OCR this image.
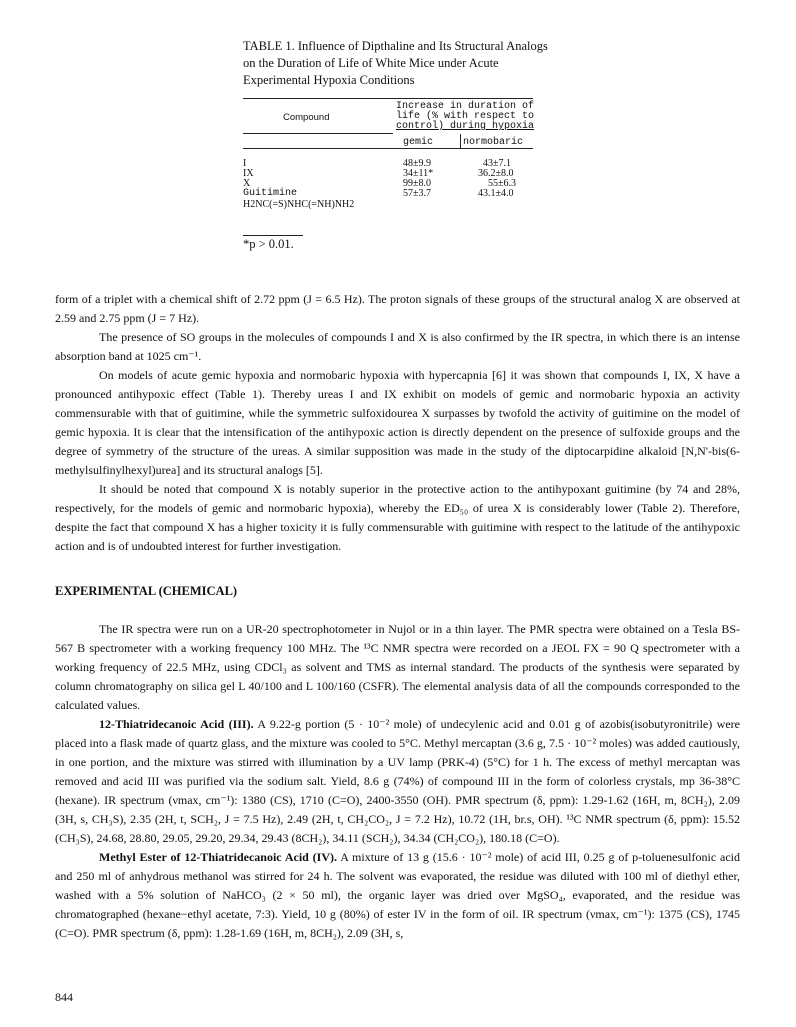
TABLE 1. Influence of Dipthaline and Its Structural Analogs on the Duration of Life of White Mice under Acute Experimental Hypoxia Conditions
Compound
Increase in duration of
life (% with respect to
control) during hypoxia
gemic	normobaric
I	48±9.9	43±7.1
IX	34±11*	36.2±8.0
X	99±8.0	55±6.3
Guitimine	57±3.7	43.1±4.0
H2NC(=S)NHC(=NH)NH2
*p > 0.01.

form of a triplet with a chemical shift of 2.72 ppm (J = 6.5 Hz). The proton signals of these groups of the structural analog X are observed at 2.59 and 2.75 ppm (J = 7 Hz).

The presence of SO groups in the molecules of compounds I and X is also confirmed by the IR spectra, in which there is an intense absorption band at 1025 cm⁻¹.

On models of acute gemic hypoxia and normobaric hypoxia with hypercapnia [6] it was shown that compounds I, IX, X have a pronounced antihypoxic effect (Table 1). Thereby ureas I and IX exhibit on models of gemic and normobaric hypoxia an activity commensurable with that of guitimine, while the symmetric sulfoxidourea X surpasses by twofold the activity of guitimine on the model of gemic hypoxia. It is clear that the intensification of the antihypoxic action is directly dependent on the presence of sulfoxide groups and the degree of symmetry of the structure of the ureas. A similar supposition was made in the study of the diptocarpidine alkaloid [N,N'-bis(6-methylsulfinylhexyl)urea] and its structural analogs [5].

It should be noted that compound X is notably superior in the protective action to the antihypoxant guitimine (by 74 and 28%, respectively, for the models of gemic and normobaric hypoxia), whereby the ED₅₀ of urea X is considerably lower (Table 2). Therefore, despite the fact that compound X has a higher toxicity it is fully commensurable with guitimine with respect to the latitude of the antihypoxic action and is of undoubted interest for further investigation.

EXPERIMENTAL (CHEMICAL)

The IR spectra were run on a UR-20 spectrophotometer in Nujol or in a thin layer. The PMR spectra were obtained on a Tesla BS-567 B spectrometer with a working frequency 100 MHz. The ¹³C NMR spectra were recorded on a JEOL FX = 90 Q spectrometer with a working frequency of 22.5 MHz, using CDCl₃ as solvent and TMS as internal standard. The products of the synthesis were separated by column chromatography on silica gel L 40/100 and L 100/160 (CSFR). The elemental analysis data of all the compounds corresponded to the calculated values.

12-Thiatridecanoic Acid (III). A 9.22-g portion (5 · 10⁻² mole) of undecylenic acid and 0.01 g of azobis(isobutyronitrile) were placed into a flask made of quartz glass, and the mixture was cooled to 5°C. Methyl mercaptan (3.6 g, 7.5 · 10⁻² moles) was added cautiously, in one portion, and the mixture was stirred with illumination by a UV lamp (PRK-4) (5°C) for 1 h. The excess of methyl mercaptan was removed and acid III was purified via the sodium salt. Yield, 8.6 g (74%) of compound III in the form of colorless crystals, mp 36-38°C (hexane). IR spectrum (νmax, cm⁻¹): 1380 (CS), 1710 (C=O), 2400-3550 (OH). PMR spectrum (δ, ppm): 1.29-1.62 (16H, m, 8CH₂), 2.09 (3H, s, CH₃S), 2.35 (2H, t, SCH₂, J = 7.5 Hz), 2.49 (2H, t, CH₂CO₂, J = 7.2 Hz), 10.72 (1H, br.s, OH). ¹³C NMR spectrum (δ, ppm): 15.52 (CH₃S), 24.68, 28.80, 29.05, 29.20, 29.34, 29.43 (8CH₂), 34.11 (SCH₂), 34.34 (CH₂CO₂), 180.18 (C=O).

Methyl Ester of 12-Thiatridecanoic Acid (IV). A mixture of 13 g (15.6 · 10⁻² mole) of acid III, 0.25 g of p-toluenesulfonic acid and 250 ml of anhydrous methanol was stirred for 24 h. The solvent was evaporated, the residue was diluted with 100 ml of diethyl ether, washed with a 5% solution of NaHCO₃ (2 × 50 ml), the organic layer was dried over MgSO₄, evaporated, and the residue was chromatographed (hexane−ethyl acetate, 7:3). Yield, 10 g (80%) of ester IV in the form of oil. IR spectrum (νmax, cm⁻¹): 1375 (CS), 1745 (C=O). PMR spectrum (δ, ppm): 1.28-1.69 (16H, m, 8CH₂), 2.09 (3H, s,

844
